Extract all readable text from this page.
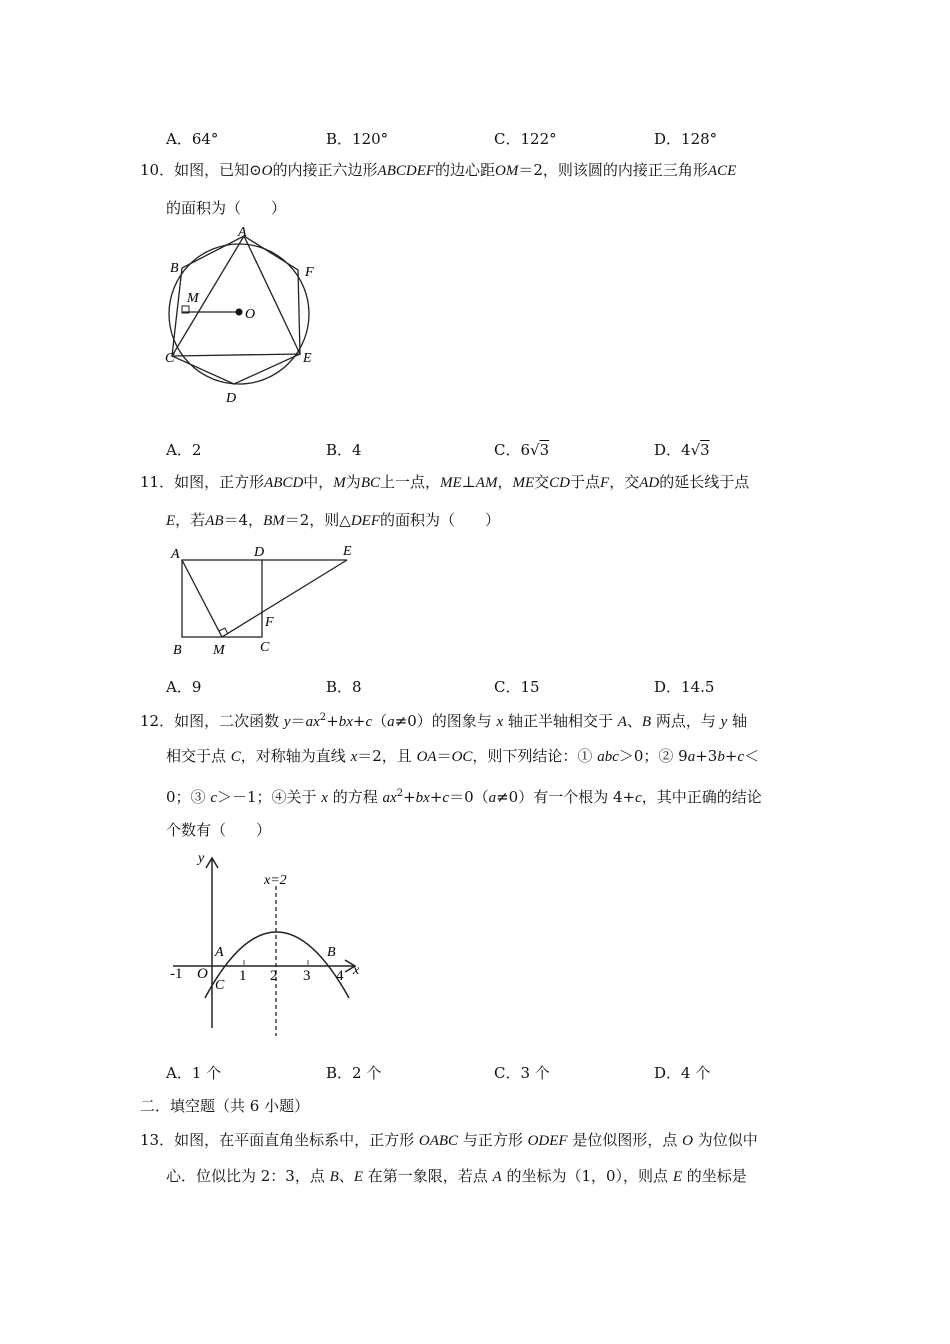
A．64°	B．120°	C．122°	D．128°
10．如图，已知⊙O的内接正六边形ABCDEF的边心距OM＝2，则该圆的内接正三角形ACE
的面积为（　　）
A
B	F
M
O
C	E
D
A．2	B．4	C．6√3	D．4√3
11．如图，正方形ABCD中，M为BC上一点，ME⊥AM，ME交CD于点F，交AD的延长线于点
E，若AB＝4，BM＝2，则△DEF的面积为（　　）
A	D	E
F
B M	C
A．9	B．8	C．15	D．14.5
12．如图，二次函数 $y=ax^2+bx+c(a\ne 0)$的图象与 x 轴正半轴相交于 A、B 两点，与 y 轴
相交于点 C，对称轴为直线 x＝2，且 OA＝OC，则下列结论：① abc＞0；② 9a+3b+c＜
0；③ c＞－1；④关于 x 的方程 $ax^2+bx+c=0(a\ne 0)$有一个根为 4+c，其中正确的结论
个数有（　　）
y
x=2
A	B
-1 O 1 2 3 4 x
C
A．1 个	B．2 个	C．3 个	D．4 个
二．填空题（共 6 小题）
13．如图，在平面直角坐标系中，正方形 OABC 与正方形 ODEF 是位似图形，点 O 为位似中
心．位似比为 2：3，点 B、E 在第一象限，若点 A 的坐标为（1，0），则点 E 的坐标是
